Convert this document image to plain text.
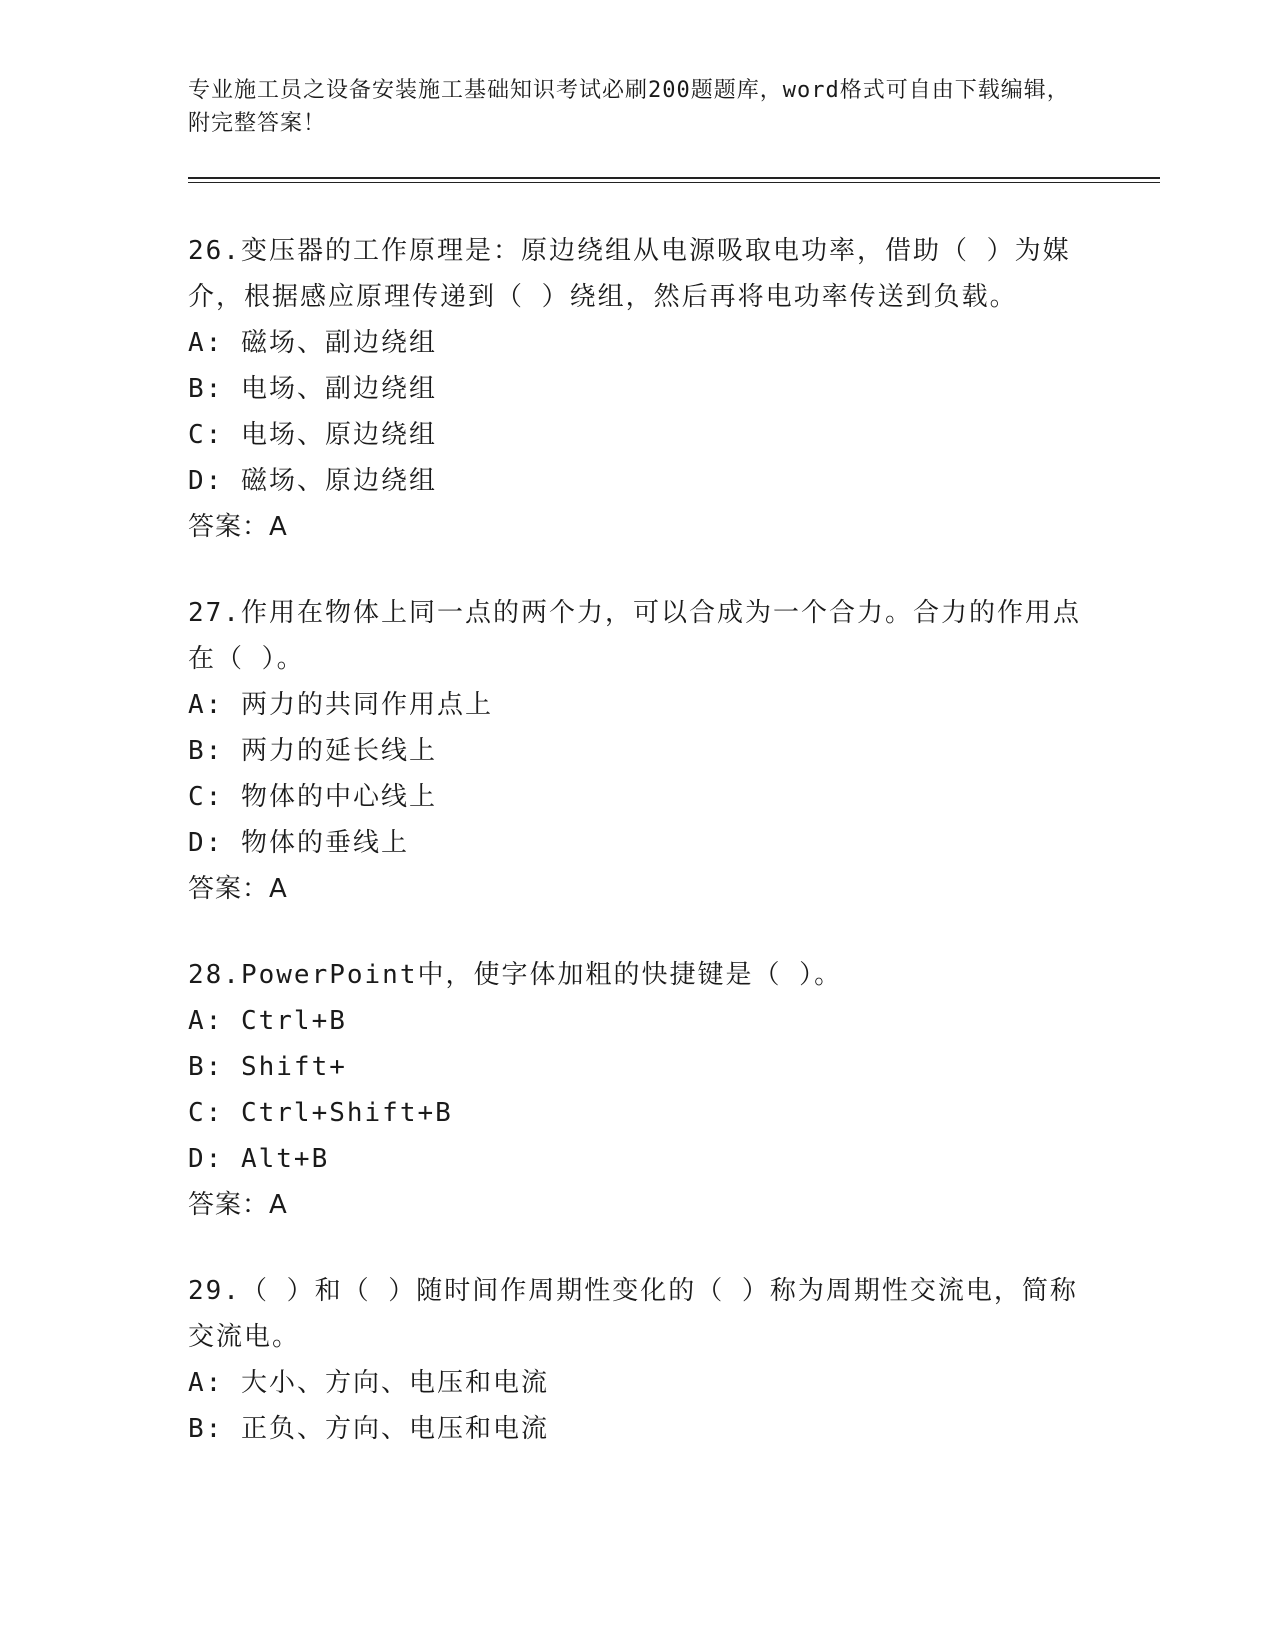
专业施工员之设备安装施工基础知识考试必刷200题题库，word格式可自由下载编辑，附完整答案！

26.变压器的工作原理是：原边绕组从电源吸取电功率，借助（ ）为媒介，根据感应原理传递到（ ）绕组，然后再将电功率传送到负载。

A: 磁场、副边绕组

B: 电场、副边绕组

C: 电场、原边绕组

D: 磁场、原边绕组

答案：A

27.作用在物体上同一点的两个力，可以合成为一个合力。合力的作用点在（ ）。

A: 两力的共同作用点上

B: 两力的延长线上

C: 物体的中心线上

D: 物体的垂线上

答案：A

28.PowerPoint中，使字体加粗的快捷键是（ ）。

A: Ctrl+B

B: Shift+

C: Ctrl+Shift+B

D: Alt+B

答案：A

29.（ ）和（ ）随时间作周期性变化的（ ）称为周期性交流电，简称交流电。

A: 大小、方向、电压和电流

B: 正负、方向、电压和电流
